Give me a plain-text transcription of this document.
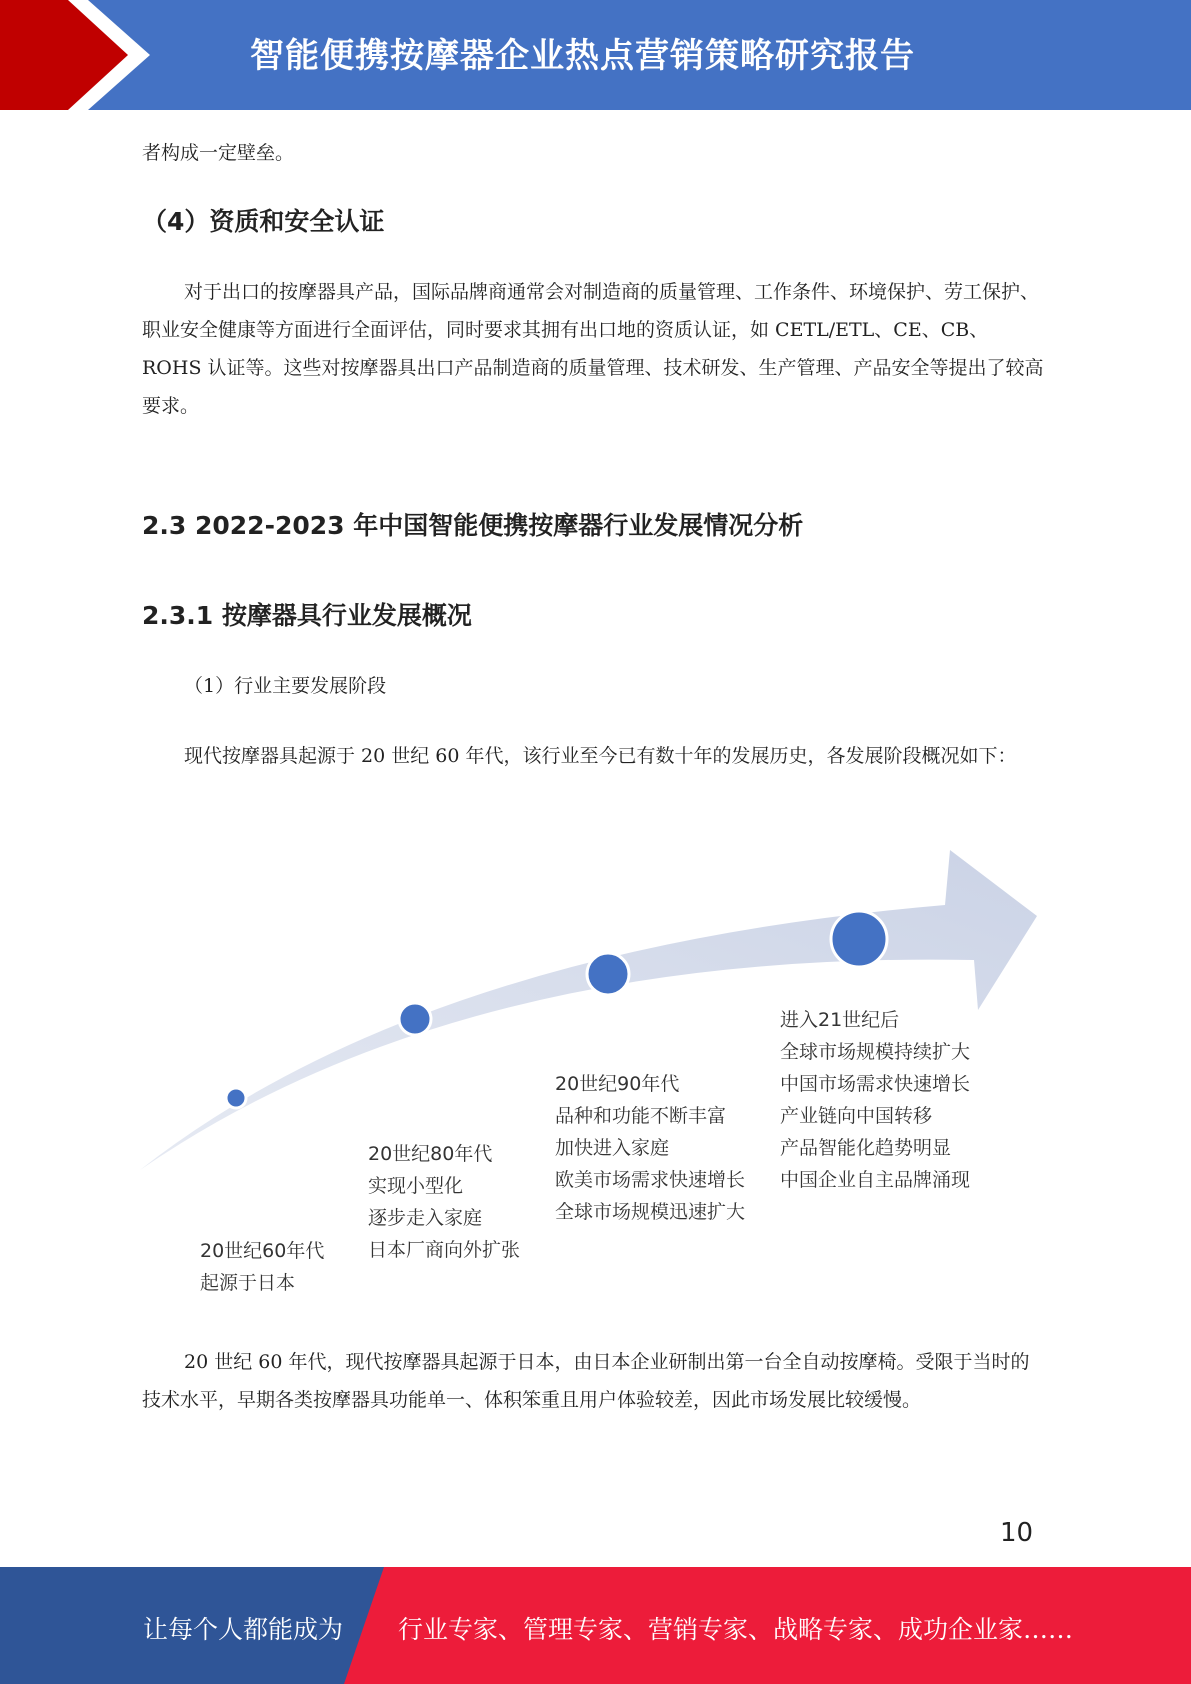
智能便携按摩器企业热点营销策略研究报告

者构成一定壁垒。

（4）资质和安全认证

对于出口的按摩器具产品，国际品牌商通常会对制造商的质量管理、工作条件、环境保护、劳工保护、职业安全健康等方面进行全面评估，同时要求其拥有出口地的资质认证，如 CETL/ETL、CE、CB、ROHS 认证等。这些对按摩器具出口产品制造商的质量管理、技术研发、生产管理、产品安全等提出了较高要求。

2.3 2022-2023 年中国智能便携按摩器行业发展情况分析
2.3.1 按摩器具行业发展概况

（1）行业主要发展阶段

现代按摩器具起源于 20 世纪 60 年代，该行业至今已有数十年的发展历史，各发展阶段概况如下：

20世纪60年代
起源于日本
20世纪80年代
实现小型化
逐步走入家庭
日本厂商向外扩张
20世纪90年代
品种和功能不断丰富
加快进入家庭
欧美市场需求快速增长
全球市场规模迅速扩大
进入21世纪后
全球市场规模持续扩大
中国市场需求快速增长
产业链向中国转移
产品智能化趋势明显
中国企业自主品牌涌现

20 世纪 60 年代，现代按摩器具起源于日本，由日本企业研制出第一台全自动按摩椅。受限于当时的技术水平，早期各类按摩器具功能单一、体积笨重且用户体验较差，因此市场发展比较缓慢。

10
让每个人都能成为 行业专家、管理专家、营销专家、战略专家、成功企业家……
